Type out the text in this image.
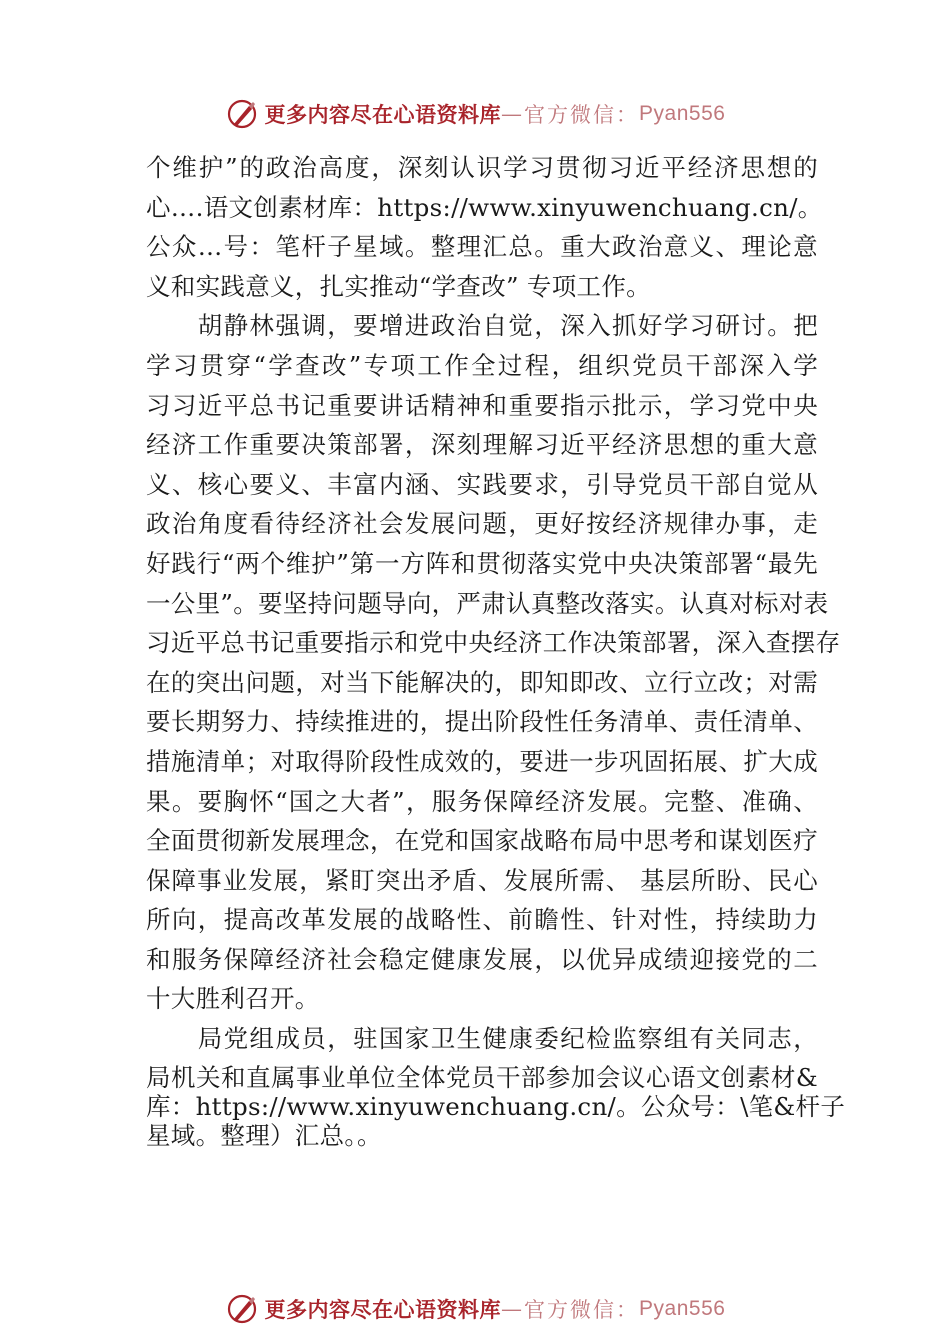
更多内容尽在心语资料库 — 官方微信： Pyan556
个维护”的政治高度，深刻认识学习贯彻习近平经济思想的
心….语文创素材库：https://www.xinyuwenchuang.cn/。
公众…号：笔杆子星域。整理汇总。重大政治意义、理论意
义和实践意义，扎实推动“学查改” 专项工作。
　　胡静林强调，要增进政治自觉，深入抓好学习研讨。把
学习贯穿“学查改”专项工作全过程，组织党员干部深入学
习习近平总书记重要讲话精神和重要指示批示，学习党中央
经济工作重要决策部署，深刻理解习近平经济思想的重大意
义、核心要义、丰富内涵、实践要求，引导党员干部自觉从
政治角度看待经济社会发展问题，更好按经济规律办事，走
好践行“两个维护”第一方阵和贯彻落实党中央决策部署“最先
一公里”。要坚持问题导向，严肃认真整改落实。认真对标对表
习近平总书记重要指示和党中央经济工作决策部署，深入查摆存
在的突出问题，对当下能解决的，即知即改、立行立改；对需
要长期努力、持续推进的，提出阶段性任务清单、责任清单、
措施清单；对取得阶段性成效的，要进一步巩固拓展、扩大成
果。要胸怀“国之大者”，服务保障经济发展。完整、准确、
全面贯彻新发展理念，在党和国家战略布局中思考和谋划医疗
保障事业发展，紧盯突出矛盾、发展所需、 基层所盼、民心
所向，提高改革发展的战略性、前瞻性、针对性，持续助力
和服务保障经济社会稳定健康发展，以优异成绩迎接党的二
十大胜利召开。
　　局党组成员，驻国家卫生健康委纪检监察组有关同志，
局机关和直属事业单位全体党员干部参加会议心语文创素材&
库：https://www.xinyuwenchuang.cn/。公众号：\笔&杆子
星域。整理）汇总。。
更多内容尽在心语资料库 — 官方微信： Pyan556
